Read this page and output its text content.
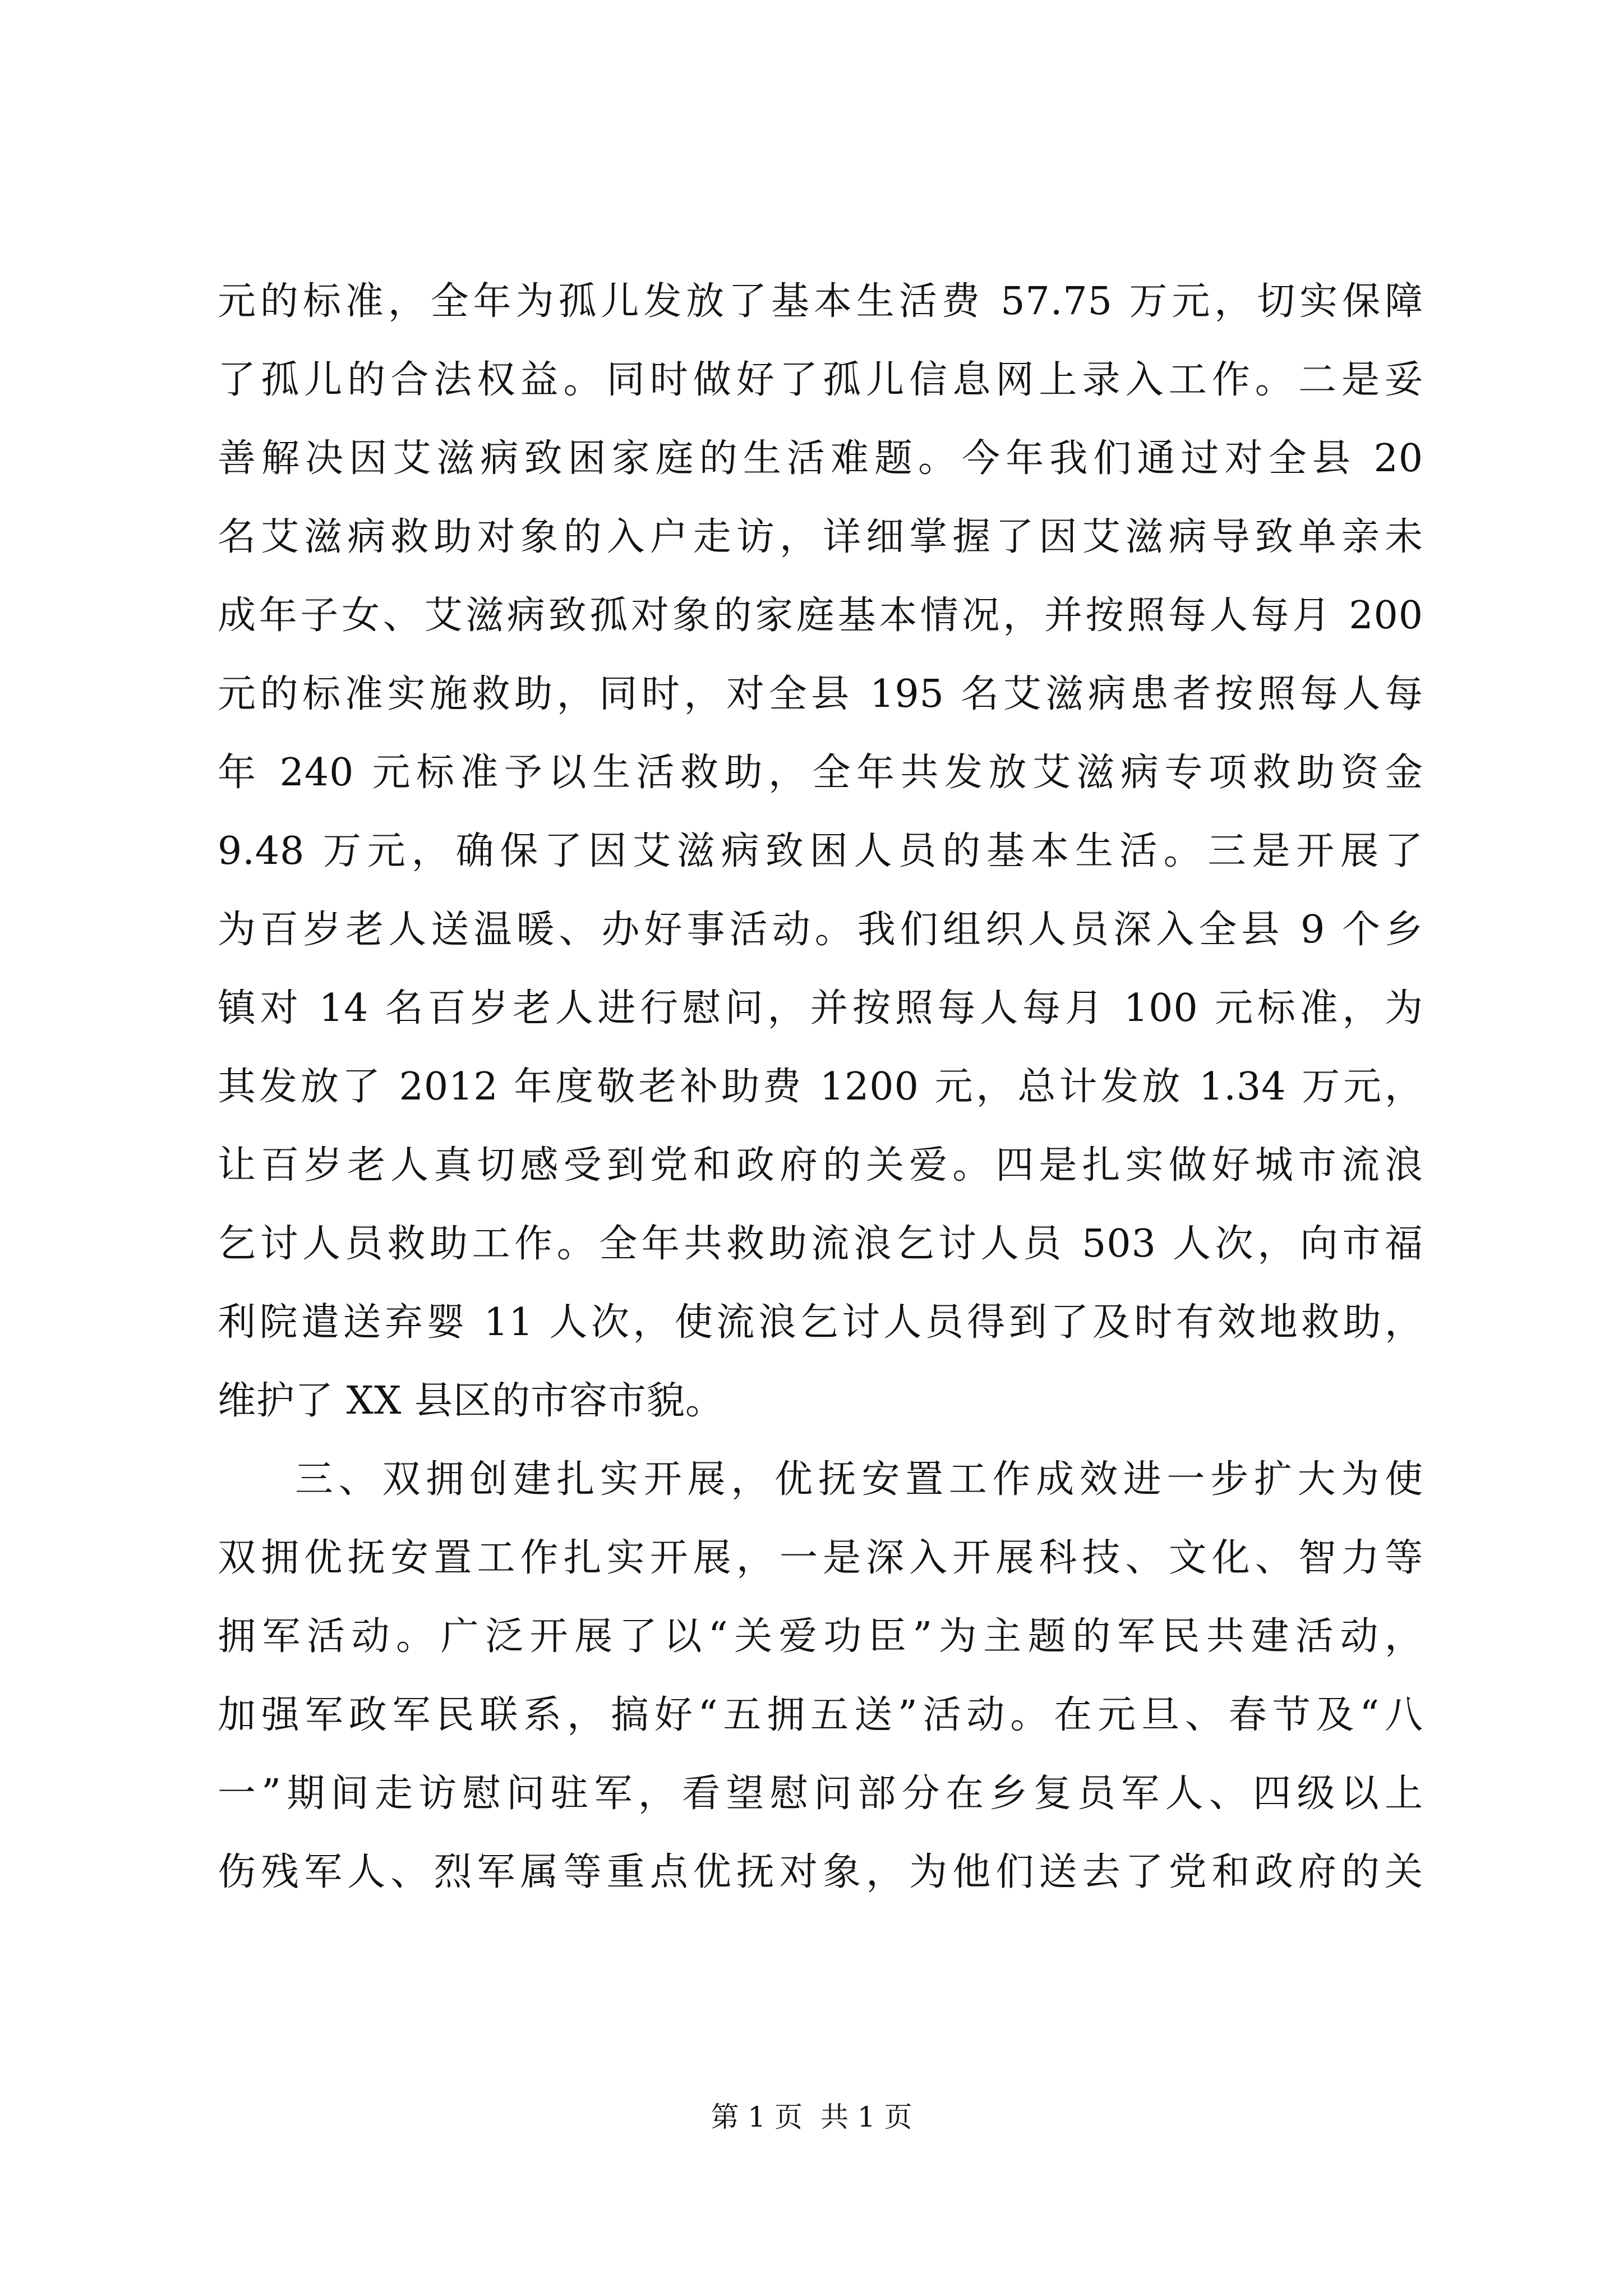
元的标准，全年为孤儿发放了基本生活费 57.75 万元，切实保障
了孤儿的合法权益。同时做好了孤儿信息网上录入工作。二是妥
善解决因艾滋病致困家庭的生活难题。今年我们通过对全县 20
名艾滋病救助对象的入户走访，详细掌握了因艾滋病导致单亲未
成年子女、艾滋病致孤对象的家庭基本情况，并按照每人每月 200
元的标准实施救助，同时，对全县 195 名艾滋病患者按照每人每
年 240 元标准予以生活救助，全年共发放艾滋病专项救助资金
9.48 万元，确保了因艾滋病致困人员的基本生活。三是开展了
为百岁老人送温暖、办好事活动。我们组织人员深入全县 9 个乡
镇对 14 名百岁老人进行慰问，并按照每人每月 100 元标准，为
其发放了 2012 年度敬老补助费 1200 元，总计发放 1.34 万元，
让百岁老人真切感受到党和政府的关爱。四是扎实做好城市流浪
乞讨人员救助工作。全年共救助流浪乞讨人员 503 人次，向市福
利院遣送弃婴 11 人次，使流浪乞讨人员得到了及时有效地救助，
维护了 XX 县区的市容市貌。
三、双拥创建扎实开展，优抚安置工作成效进一步扩大为使
双拥优抚安置工作扎实开展，一是深入开展科技、文化、智力等
拥军活动。广泛开展了以“关爱功臣”为主题的军民共建活动，
加强军政军民联系，搞好“五拥五送”活动。在元旦、春节及“八
一”期间走访慰问驻军，看望慰问部分在乡复员军人、四级以上
伤残军人、烈军属等重点优抚对象，为他们送去了党和政府的关
第 1 页 共 1 页
